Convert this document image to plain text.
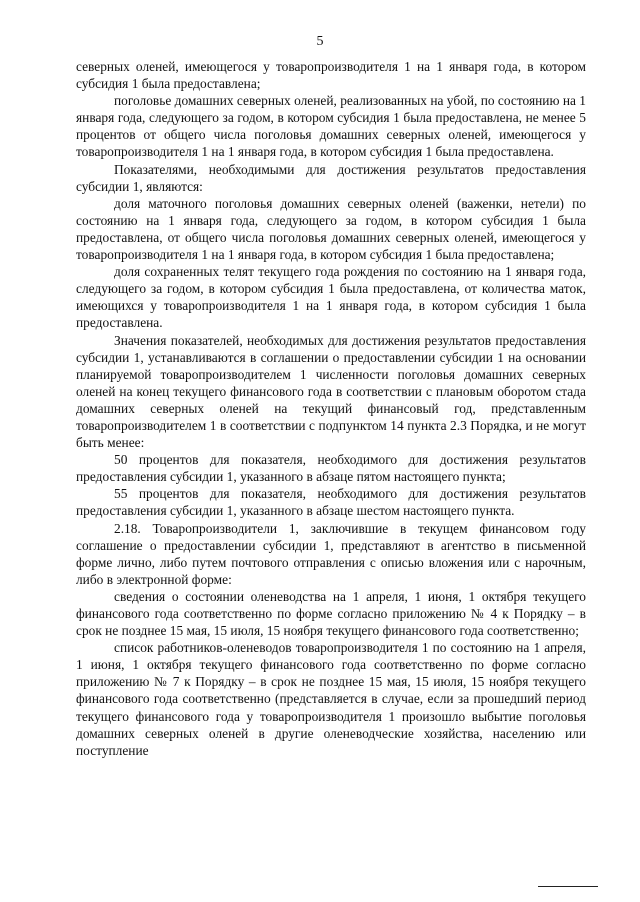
5

северных оленей, имеющегося у товаропроизводителя 1 на 1 января года, в котором субсидия 1 была предоставлена;

поголовье домашних северных оленей, реализованных на убой, по состоянию на 1 января года, следующего за годом, в котором субсидия 1 была предоставлена, не менее 5 процентов от общего числа поголовья домашних северных оленей, имеющегося у товаропроизводителя 1 на 1 января года, в котором субсидия 1 была предоставлена.

Показателями, необходимыми для достижения результатов предоставления субсидии 1, являются:

доля маточного поголовья домашних северных оленей (важенки, нетели) по состоянию на 1 января года, следующего за годом, в котором субсидия 1 была предоставлена, от общего числа поголовья домашних северных оленей, имеющегося у товаропроизводителя 1 на 1 января года, в котором субсидия 1 была предоставлена;

доля сохраненных телят текущего года рождения по состоянию на 1 января года, следующего за годом, в котором субсидия 1 была предоставлена, от количества маток, имеющихся у товаропроизводителя 1 на 1 января года, в котором субсидия 1 была предоставлена.

Значения показателей, необходимых для достижения результатов предоставления субсидии 1, устанавливаются в соглашении о предоставлении субсидии 1 на основании планируемой товаропроизводителем 1 численности поголовья домашних северных оленей на конец текущего финансового года в соответствии с плановым оборотом стада домашних северных оленей на текущий финансовый год, представленным товаропроизводителем 1 в соответствии с подпунктом 14 пункта 2.3 Порядка, и не могут быть менее:

50 процентов для показателя, необходимого для достижения результатов предоставления субсидии 1, указанного в абзаце пятом настоящего пункта;

55 процентов для показателя, необходимого для достижения результатов предоставления субсидии 1, указанного в абзаце шестом настоящего пункта.

2.18. Товаропроизводители 1, заключившие в текущем финансовом году соглашение о предоставлении субсидии 1, представляют в агентство в письменной форме лично, либо путем почтового отправления с описью вложения или с нарочным, либо в электронной форме:

сведения о состоянии оленеводства на 1 апреля, 1 июня, 1 октября текущего финансового года соответственно по форме согласно приложению № 4 к Порядку – в срок не позднее 15 мая, 15 июля, 15 ноября текущего финансового года соответственно;

список работников-оленеводов товаропроизводителя 1 по состоянию на 1 апреля, 1 июня, 1 октября текущего финансового года соответственно по форме согласно приложению № 7 к Порядку – в срок не позднее 15 мая, 15 июля, 15 ноября текущего финансового года соответственно (представляется в случае, если за прошедший период текущего финансового года у товаропроизводителя 1 произошло выбытие поголовья домашних северных оленей в другие оленеводческие хозяйства, населению или поступление
